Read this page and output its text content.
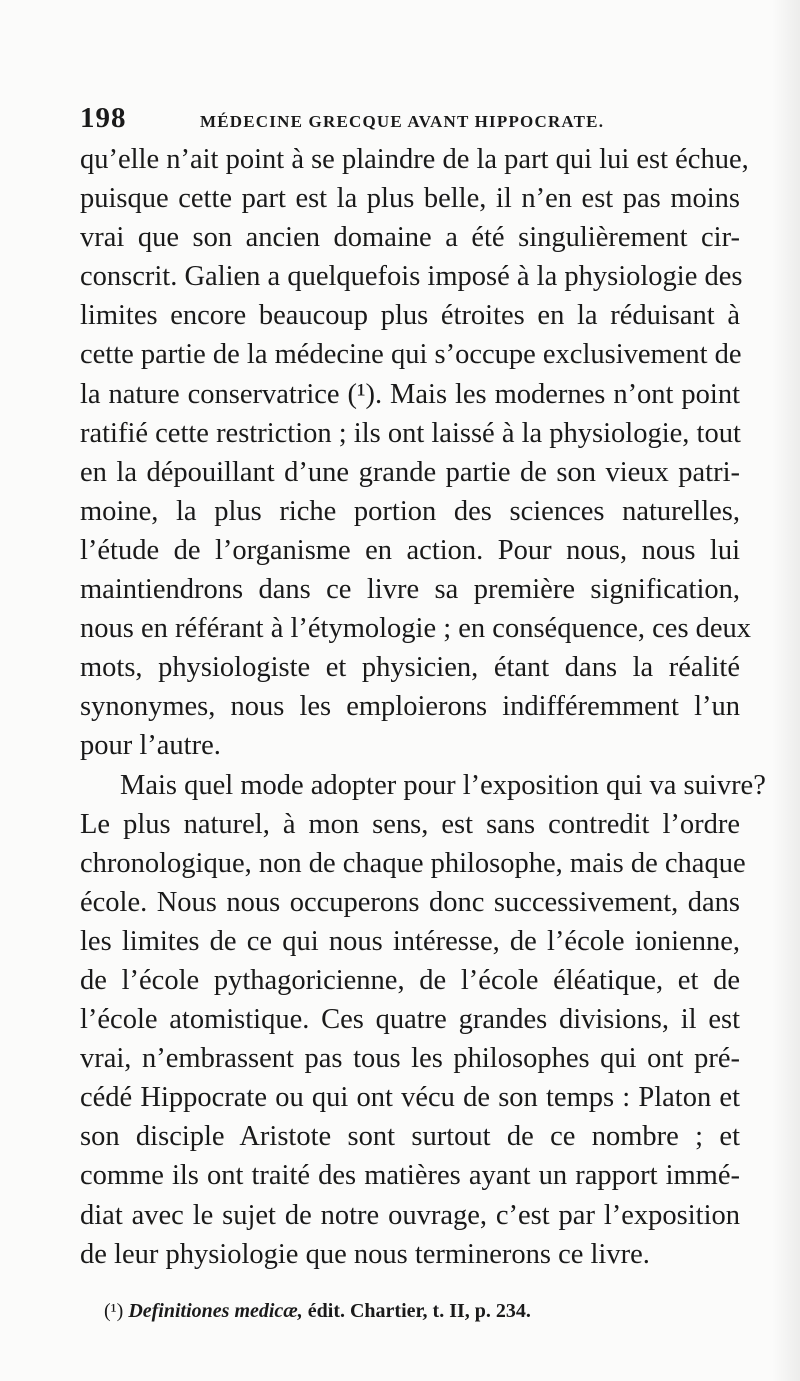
198	MÉDECINE GRECQUE AVANT HIPPOCRATE.
qu’elle n’ait point à se plaindre de la part qui lui est échue,
puisque cette part est la plus belle, il n’en est pas moins
vrai que son ancien domaine a été singulièrement cir-
conscrit. Galien a quelquefois imposé à la physiologie des
limites encore beaucoup plus étroites en la réduisant à
cette partie de la médecine qui s’occupe exclusivement de
la nature conservatrice (¹). Mais les modernes n’ont point
ratifié cette restriction ; ils ont laissé à la physiologie, tout
en la dépouillant d’une grande partie de son vieux patri-
moine, la plus riche portion des sciences naturelles,
l’étude de l’organisme en action. Pour nous, nous lui
maintiendrons dans ce livre sa première signification,
nous en référant à l’étymologie ; en conséquence, ces deux
mots, physiologiste et physicien, étant dans la réalité
synonymes, nous les emploierons indifféremment l’un
pour l’autre.
Mais quel mode adopter pour l’exposition qui va suivre?
Le plus naturel, à mon sens, est sans contredit l’ordre
chronologique, non de chaque philosophe, mais de chaque
école. Nous nous occuperons donc successivement, dans
les limites de ce qui nous intéresse, de l’école ionienne,
de l’école pythagoricienne, de l’école éléatique, et de
l’école atomistique. Ces quatre grandes divisions, il est
vrai, n’embrassent pas tous les philosophes qui ont pré-
cédé Hippocrate ou qui ont vécu de son temps : Platon et
son disciple Aristote sont surtout de ce nombre ; et
comme ils ont traité des matières ayant un rapport immé-
diat avec le sujet de notre ouvrage, c’est par l’exposition
de leur physiologie que nous terminerons ce livre.
(¹) Definitiones medicæ, édit. Chartier, t. II, p. 234.
